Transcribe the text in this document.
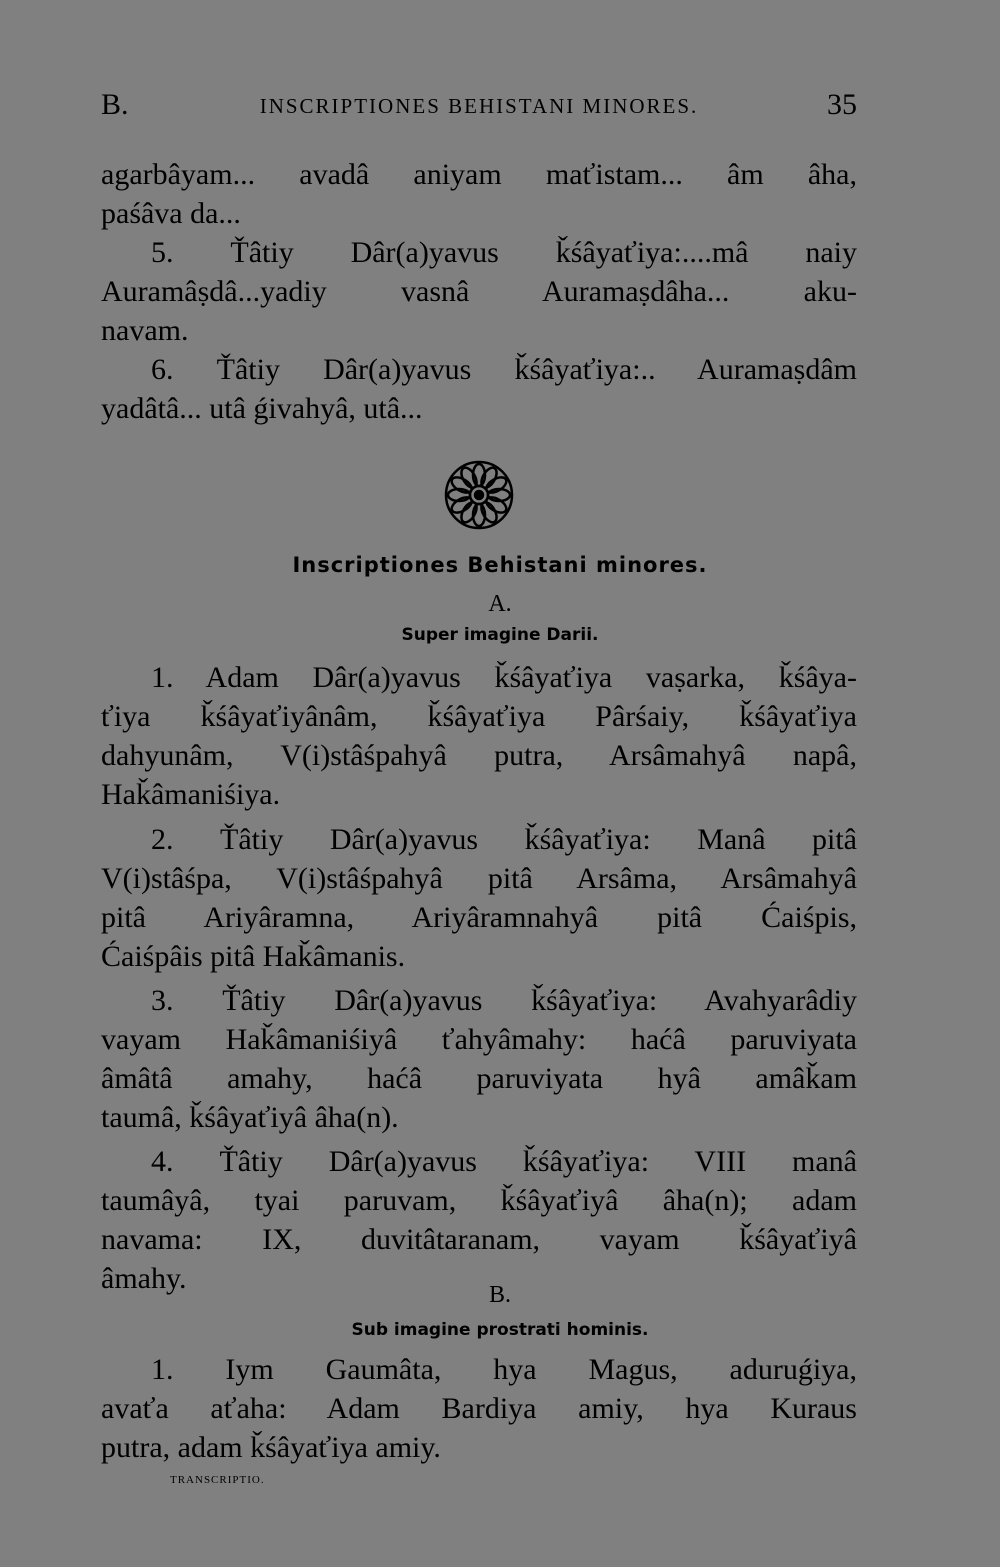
B.	INSCRIPTIONES BEHISTANI MINORES.	35
agarbâyam... avadâ aniyam maťistam... âm âha,
paśâva da...
5. Ťâtiy Dâr(a)yavus ǩśâyaťiya:....mâ naiy
Auramâṣdâ...yadiy vasnâ Auramaṣdâha... aku-
navam.
6. Ťâtiy Dâr(a)yavus ǩśâyaťiya:.. Auramaṣdâm
yadâtâ... utâ ǵivahyâ, utâ...
Inscriptiones Behistani minores.
A.
Super imagine Darii.
1. Adam Dâr(a)yavus ǩśâyaťiya vaṣarka, ǩśâya-
ťiya ǩśâyaťiyânâm, ǩśâyaťiya Pârśaiy, ǩśâyaťiya
dahyunâm, V(i)stâśpahyâ putra, Arsâmahyâ napâ,
Haǩâmaniśiya.
2. Ťâtiy Dâr(a)yavus ǩśâyaťiya: Manâ pitâ
V(i)stâśpa, V(i)stâśpahyâ pitâ Arsâma, Arsâmahyâ
pitâ Ariyâramna, Ariyâramnahyâ pitâ Ćaiśpis,
Ćaiśpâis pitâ Haǩâmanis.
3. Ťâtiy Dâr(a)yavus ǩśâyaťiya: Avahyarâdiy
vayam Haǩâmaniśiyâ ťahyâmahy: haćâ paruviyata
âmâtâ amahy, haćâ paruviyata hyâ amâǩam
taumâ, ǩśâyaťiyâ âha(n).
4. Ťâtiy Dâr(a)yavus ǩśâyaťiya: VIII manâ
taumâyâ, tyai paruvam, ǩśâyaťiyâ âha(n); adam
navama: IX, duvitâtaranam, vayam ǩśâyaťiyâ
âmahy.	B.
Sub imagine prostrati hominis.
1. Iym Gaumâta, hya Magus, aduruǵiya,
avaťa aťaha: Adam Bardiya amiy, hya Kuraus
putra, adam ǩśâyaťiya amiy.
TRANSCRIPTIO.
